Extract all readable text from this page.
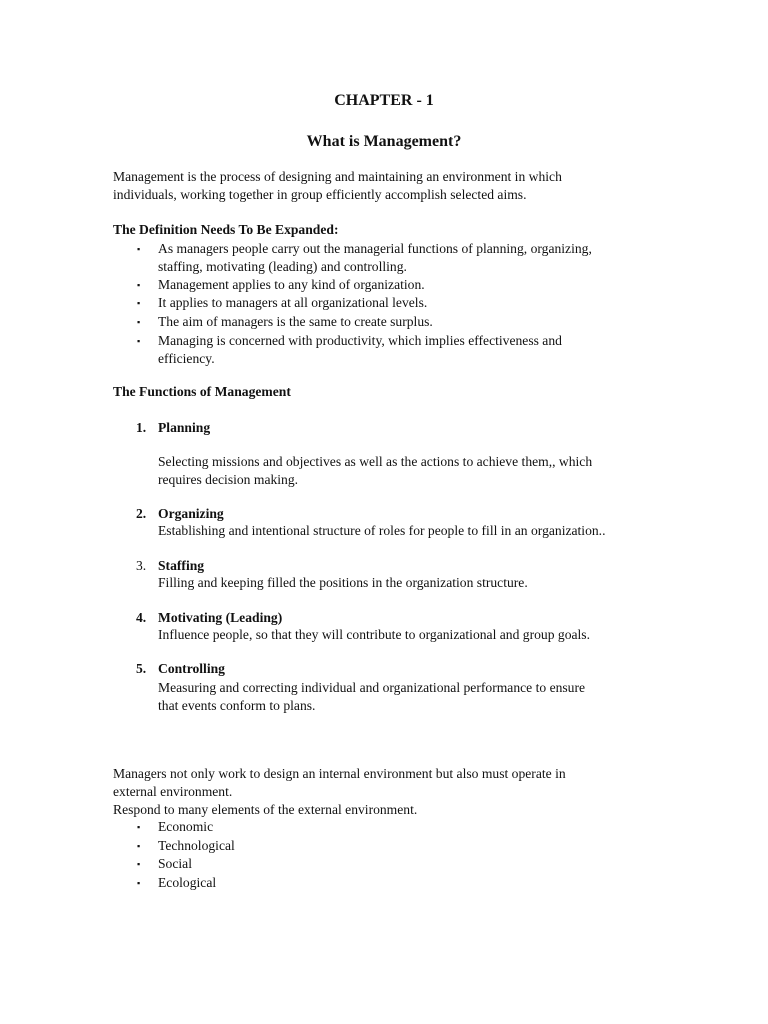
CHAPTER - 1
What is Management?
Management is the process of designing and maintaining an environment in which
individuals, working together in group efficiently accomplish selected aims.
The Definition Needs To Be Expanded:
▪ As managers people carry out the managerial functions of planning, organizing,
staffing, motivating (leading) and controlling.
▪ Management applies to any kind of organization.
▪ It applies to managers at all organizational levels.
▪ The aim of managers is the same to create surplus.
▪ Managing is concerned with productivity, which implies effectiveness and
efficiency.
The Functions of Management
1. Planning
Selecting missions and objectives as well as the actions to achieve them,, which
requires decision making.
2. Organizing
Establishing and intentional structure of roles for people to fill in an organization..
3. Staffing
Filling and keeping filled the positions in the organization structure.
4. Motivating (Leading)
Influence people, so that they will contribute to organizational and group goals.
5. Controlling
Measuring and correcting individual and organizational performance to ensure
that events conform to plans.
Managers not only work to design an internal environment but also must operate in
external environment.
Respond to many elements of the external environment.
▪ Economic
▪ Technological
▪ Social
▪ Ecological
